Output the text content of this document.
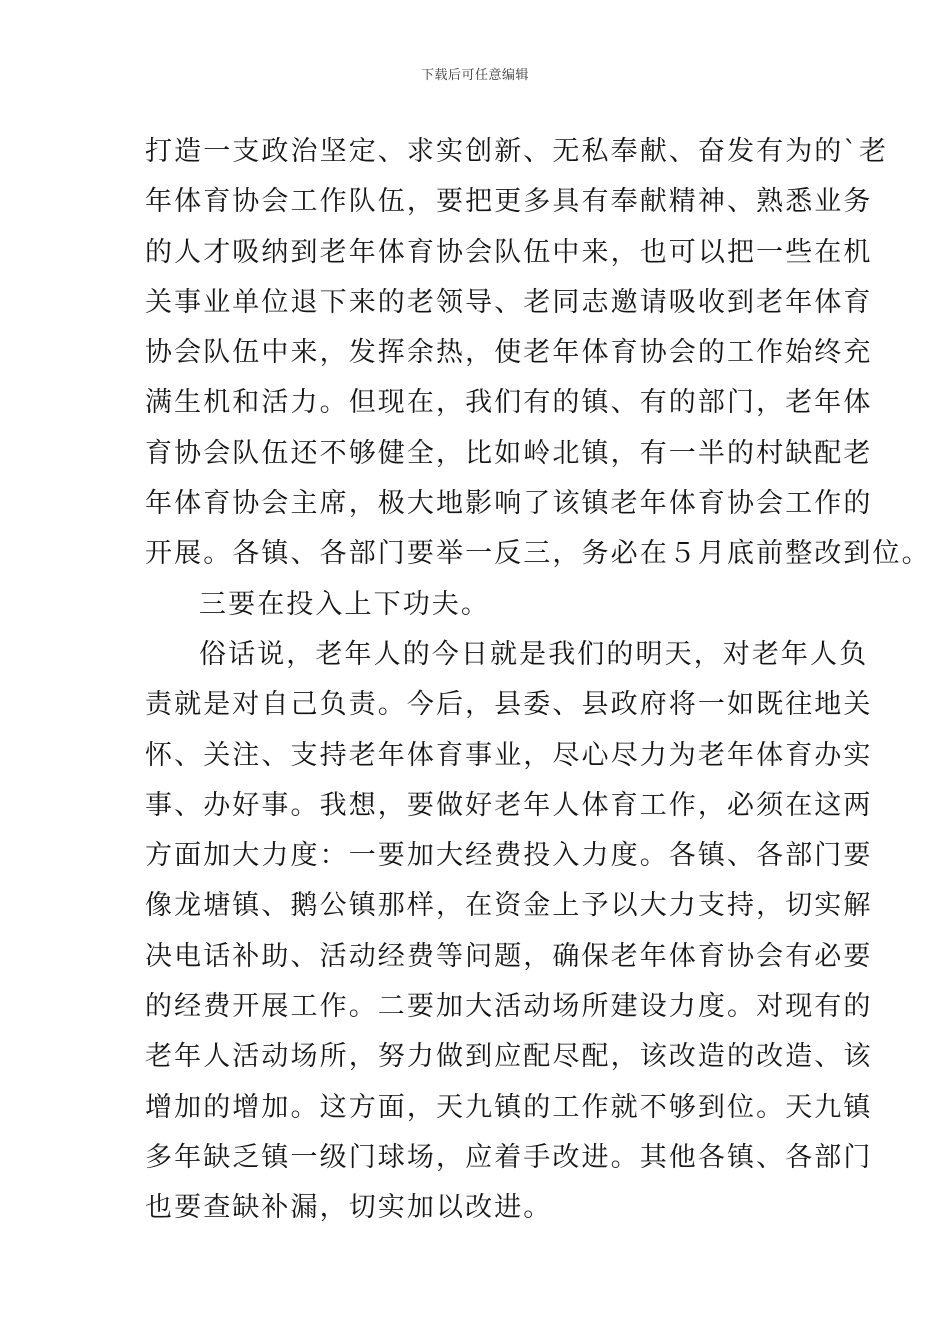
下载后可任意编辑
打造一支政治坚定、求实创新、无私奉献、奋发有为的`老
年体育协会工作队伍，要把更多具有奉献精神、熟悉业务
的人才吸纳到老年体育协会队伍中来，也可以把一些在机
关事业单位退下来的老领导、老同志邀请吸收到老年体育
协会队伍中来，发挥余热，使老年体育协会的工作始终充
满生机和活力。但现在，我们有的镇、有的部门，老年体
育协会队伍还不够健全，比如岭北镇，有一半的村缺配老
年体育协会主席，极大地影响了该镇老年体育协会工作的
开展。各镇、各部门要举一反三，务必在５月底前整改到位。
三要在投入上下功夫。
俗话说，老年人的今日就是我们的明天，对老年人负
责就是对自己负责。今后，县委、县政府将一如既往地关
怀、关注、支持老年体育事业，尽心尽力为老年体育办实
事、办好事。我想，要做好老年人体育工作，必须在这两
方面加大力度：一要加大经费投入力度。各镇、各部门要
像龙塘镇、鹅公镇那样，在资金上予以大力支持，切实解
决电话补助、活动经费等问题，确保老年体育协会有必要
的经费开展工作。二要加大活动场所建设力度。对现有的
老年人活动场所，努力做到应配尽配，该改造的改造、该
增加的增加。这方面，天九镇的工作就不够到位。天九镇
多年缺乏镇一级门球场，应着手改进。其他各镇、各部门
也要查缺补漏，切实加以改进。
